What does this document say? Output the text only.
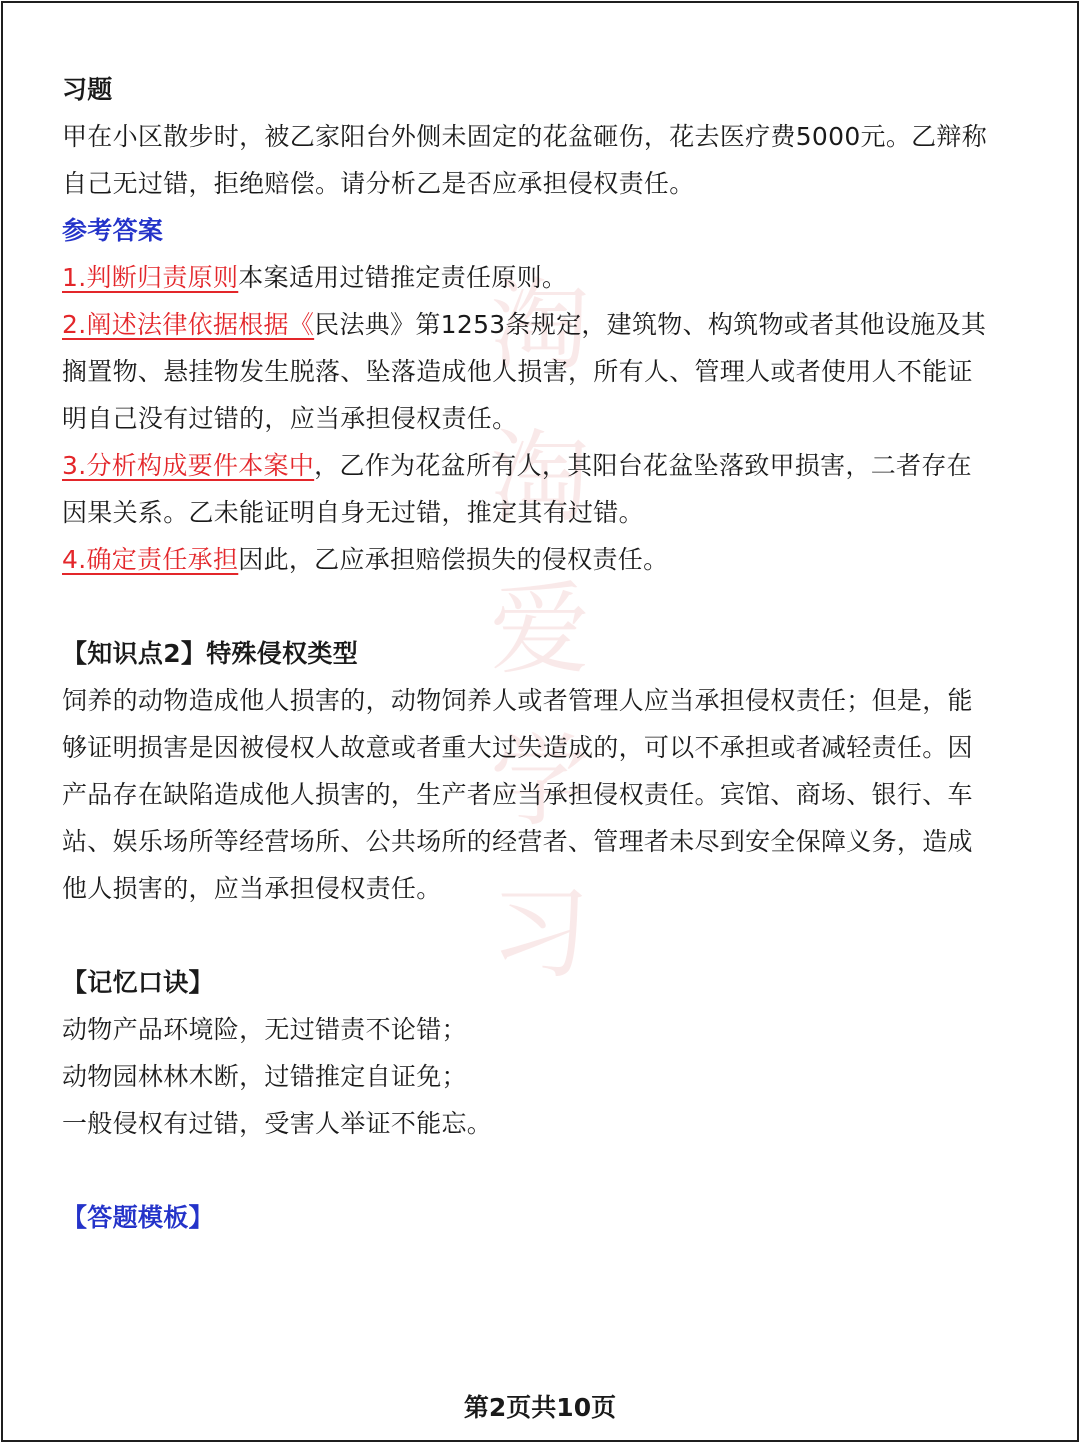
淘
淘
爱
学
习
习题
甲在小区散步时，被乙家阳台外侧未固定的花盆砸伤，花去医疗费5000元。乙辩称
自己无过错，拒绝赔偿。请分析乙是否应承担侵权责任。
参考答案
1.判断归责原则本案适用过错推定责任原则。
2.阐述法律依据根据《民法典》第1253条规定，建筑物、构筑物或者其他设施及其
搁置物、悬挂物发生脱落、坠落造成他人损害，所有人、管理人或者使用人不能证
明自己没有过错的，应当承担侵权责任。
3.分析构成要件本案中，乙作为花盆所有人，其阳台花盆坠落致甲损害，二者存在
因果关系。乙未能证明自身无过错，推定其有过错。
4.确定责任承担因此，乙应承担赔偿损失的侵权责任。
【知识点2】特殊侵权类型
饲养的动物造成他人损害的，动物饲养人或者管理人应当承担侵权责任；但是，能
够证明损害是因被侵权人故意或者重大过失造成的，可以不承担或者减轻责任。因
产品存在缺陷造成他人损害的，生产者应当承担侵权责任。宾馆、商场、银行、车
站、娱乐场所等经营场所、公共场所的经营者、管理者未尽到安全保障义务，造成
他人损害的，应当承担侵权责任。
【记忆口诀】
动物产品环境险，无过错责不论错；
动物园林林木断，过错推定自证免；
一般侵权有过错，受害人举证不能忘。
【答题模板】
第2页共10页
